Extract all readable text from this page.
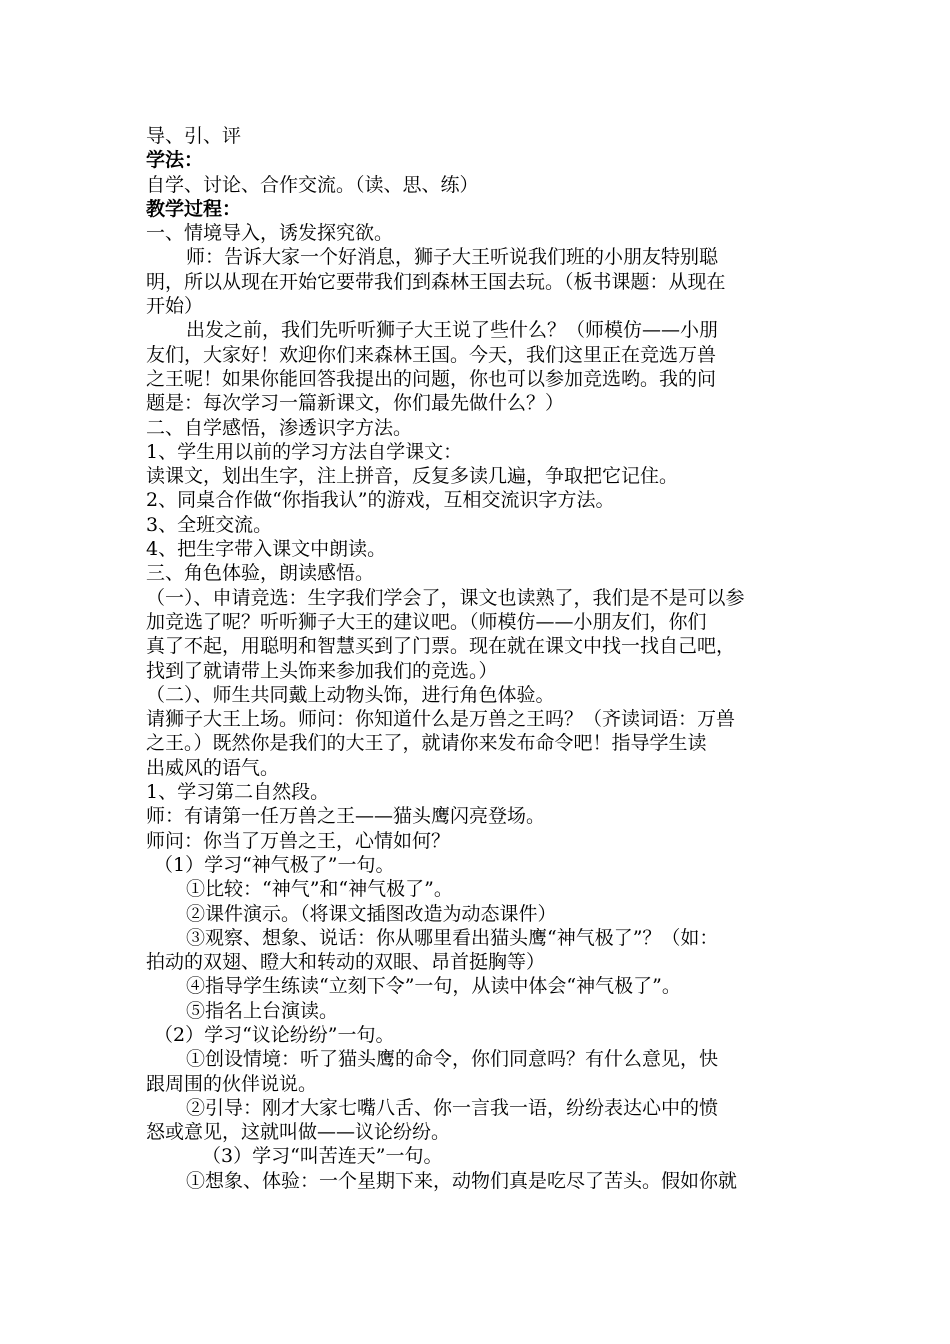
导、引、评
学法：
自学、讨论、合作交流。（读、思、练）
教学过程：
一、情境导入，诱发探究欲。
师：告诉大家一个好消息，狮子大王听说我们班的小朋友特别聪
明，所以从现在开始它要带我们到森林王国去玩。（板书课题：从现在
开始）
出发之前，我们先听听狮子大王说了些什么？（师模仿——小朋
友们，大家好！欢迎你们来森林王国。今天，我们这里正在竞选万兽
之王呢！如果你能回答我提出的问题，你也可以参加竞选哟。我的问
题是：每次学习一篇新课文，你们最先做什么？）
二、自学感悟，渗透识字方法。
1、学生用以前的学习方法自学课文：
读课文，划出生字，注上拼音，反复多读几遍，争取把它记住。
2、同桌合作做“你指我认”的游戏，互相交流识字方法。
3、全班交流。
4、把生字带入课文中朗读。
三、角色体验，朗读感悟。
（一）、申请竞选：生字我们学会了，课文也读熟了，我们是不是可以参
加竞选了呢？听听狮子大王的建议吧。（师模仿——小朋友们，你们
真了不起，用聪明和智慧买到了门票。现在就在课文中找一找自己吧，
找到了就请带上头饰来参加我们的竞选。）
（二）、师生共同戴上动物头饰，进行角色体验。
请狮子大王上场。师问：你知道什么是万兽之王吗？（齐读词语：万兽
之王。）既然你是我们的大王了，就请你来发布命令吧！指导学生读
出威风的语气。
1、学习第二自然段。
师：有请第一任万兽之王——猫头鹰闪亮登场。
师问：你当了万兽之王，心情如何？
（1）学习“神气极了”一句。
①比较：“神气”和“神气极了”。
②课件演示。（将课文插图改造为动态课件）
③观察、想象、说话：你从哪里看出猫头鹰“神气极了”？（如：
拍动的双翅、瞪大和转动的双眼、昂首挺胸等）
④指导学生练读“立刻下令”一句，从读中体会“神气极了”。
⑤指名上台演读。
（2）学习“议论纷纷”一句。
①创设情境：听了猫头鹰的命令，你们同意吗？有什么意见，快
跟周围的伙伴说说。
②引导：刚才大家七嘴八舌、你一言我一语，纷纷表达心中的愤
怒或意见，这就叫做——议论纷纷。
（3）学习“叫苦连天”一句。
①想象、体验：一个星期下来，动物们真是吃尽了苦头。假如你就
